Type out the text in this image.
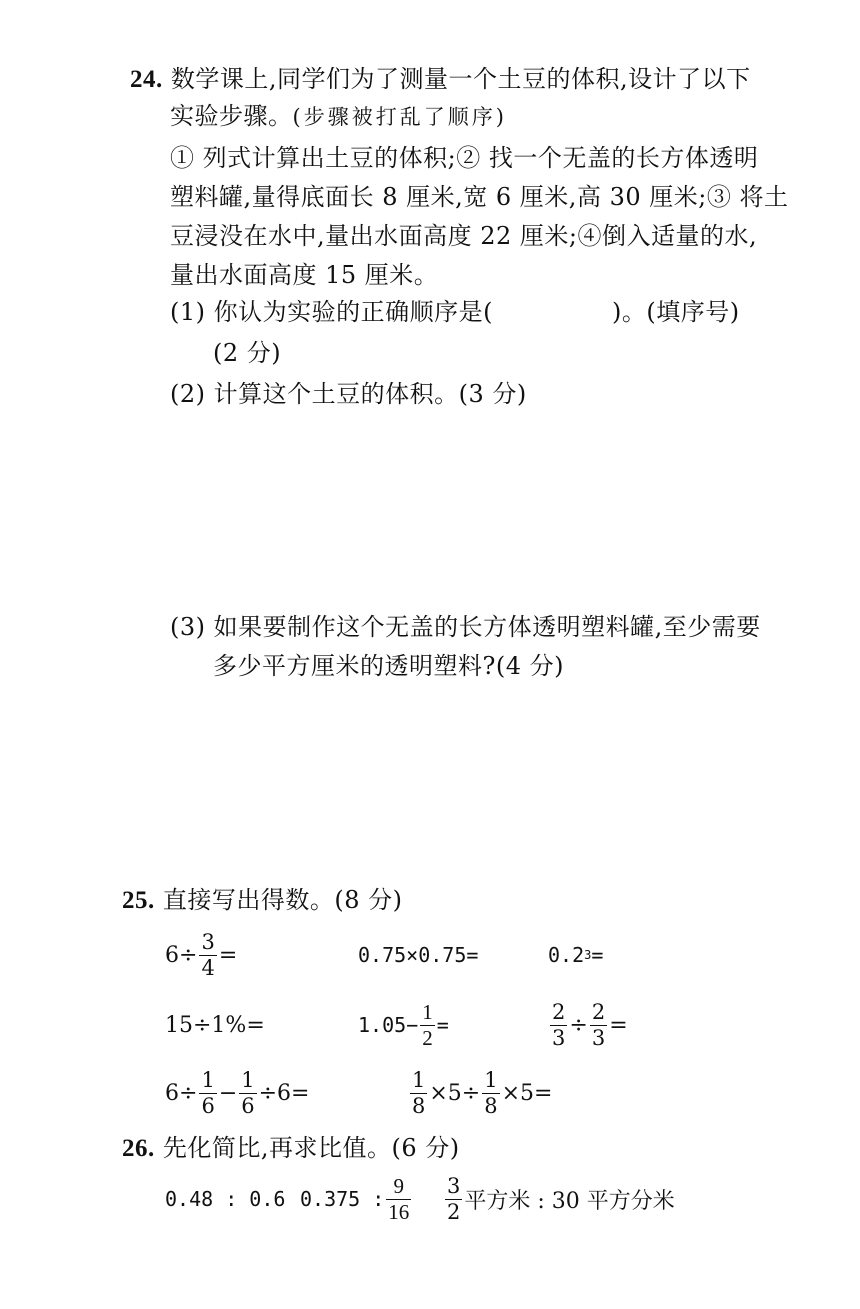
24. 数学课上,同学们为了测量一个土豆的体积,设计了以下
实验步骤。(步骤被打乱了顺序)
① 列式计算出土豆的体积;② 找一个无盖的长方体透明
塑料罐,量得底面长 8 厘米,宽 6 厘米,高 30 厘米;③ 将土
豆浸没在水中,量出水面高度 22 厘米;④倒入适量的水,
量出水面高度 15 厘米。
(1) 你认为实验的正确顺序是(	)。(填序号)
(2 分)
(2) 计算这个土豆的体积。(3 分)
(3) 如果要制作这个无盖的长方体透明塑料罐,至少需要
多少平方厘米的透明塑料?(4 分)
25. 直接写出得数。(8 分)
$6\div \frac{3}{4}$ =	0.75×0.75=	0.2 3 =
15÷1%=	$1.05- \frac{1}{2}$ =	$\frac{2}{3} \div \frac{2}{3}$ =
$6\div \frac{1}{6} - \frac{1}{6} \div 6=$	$\frac{1}{8} \times 5\div \frac{1}{8} \times 5=$
26. 先化简比,再求比值。(6 分)
0.48 : 0.6 0.375 : $\frac{9}{16} \frac{3}{2}$ 平方米 : 30 平方分米
